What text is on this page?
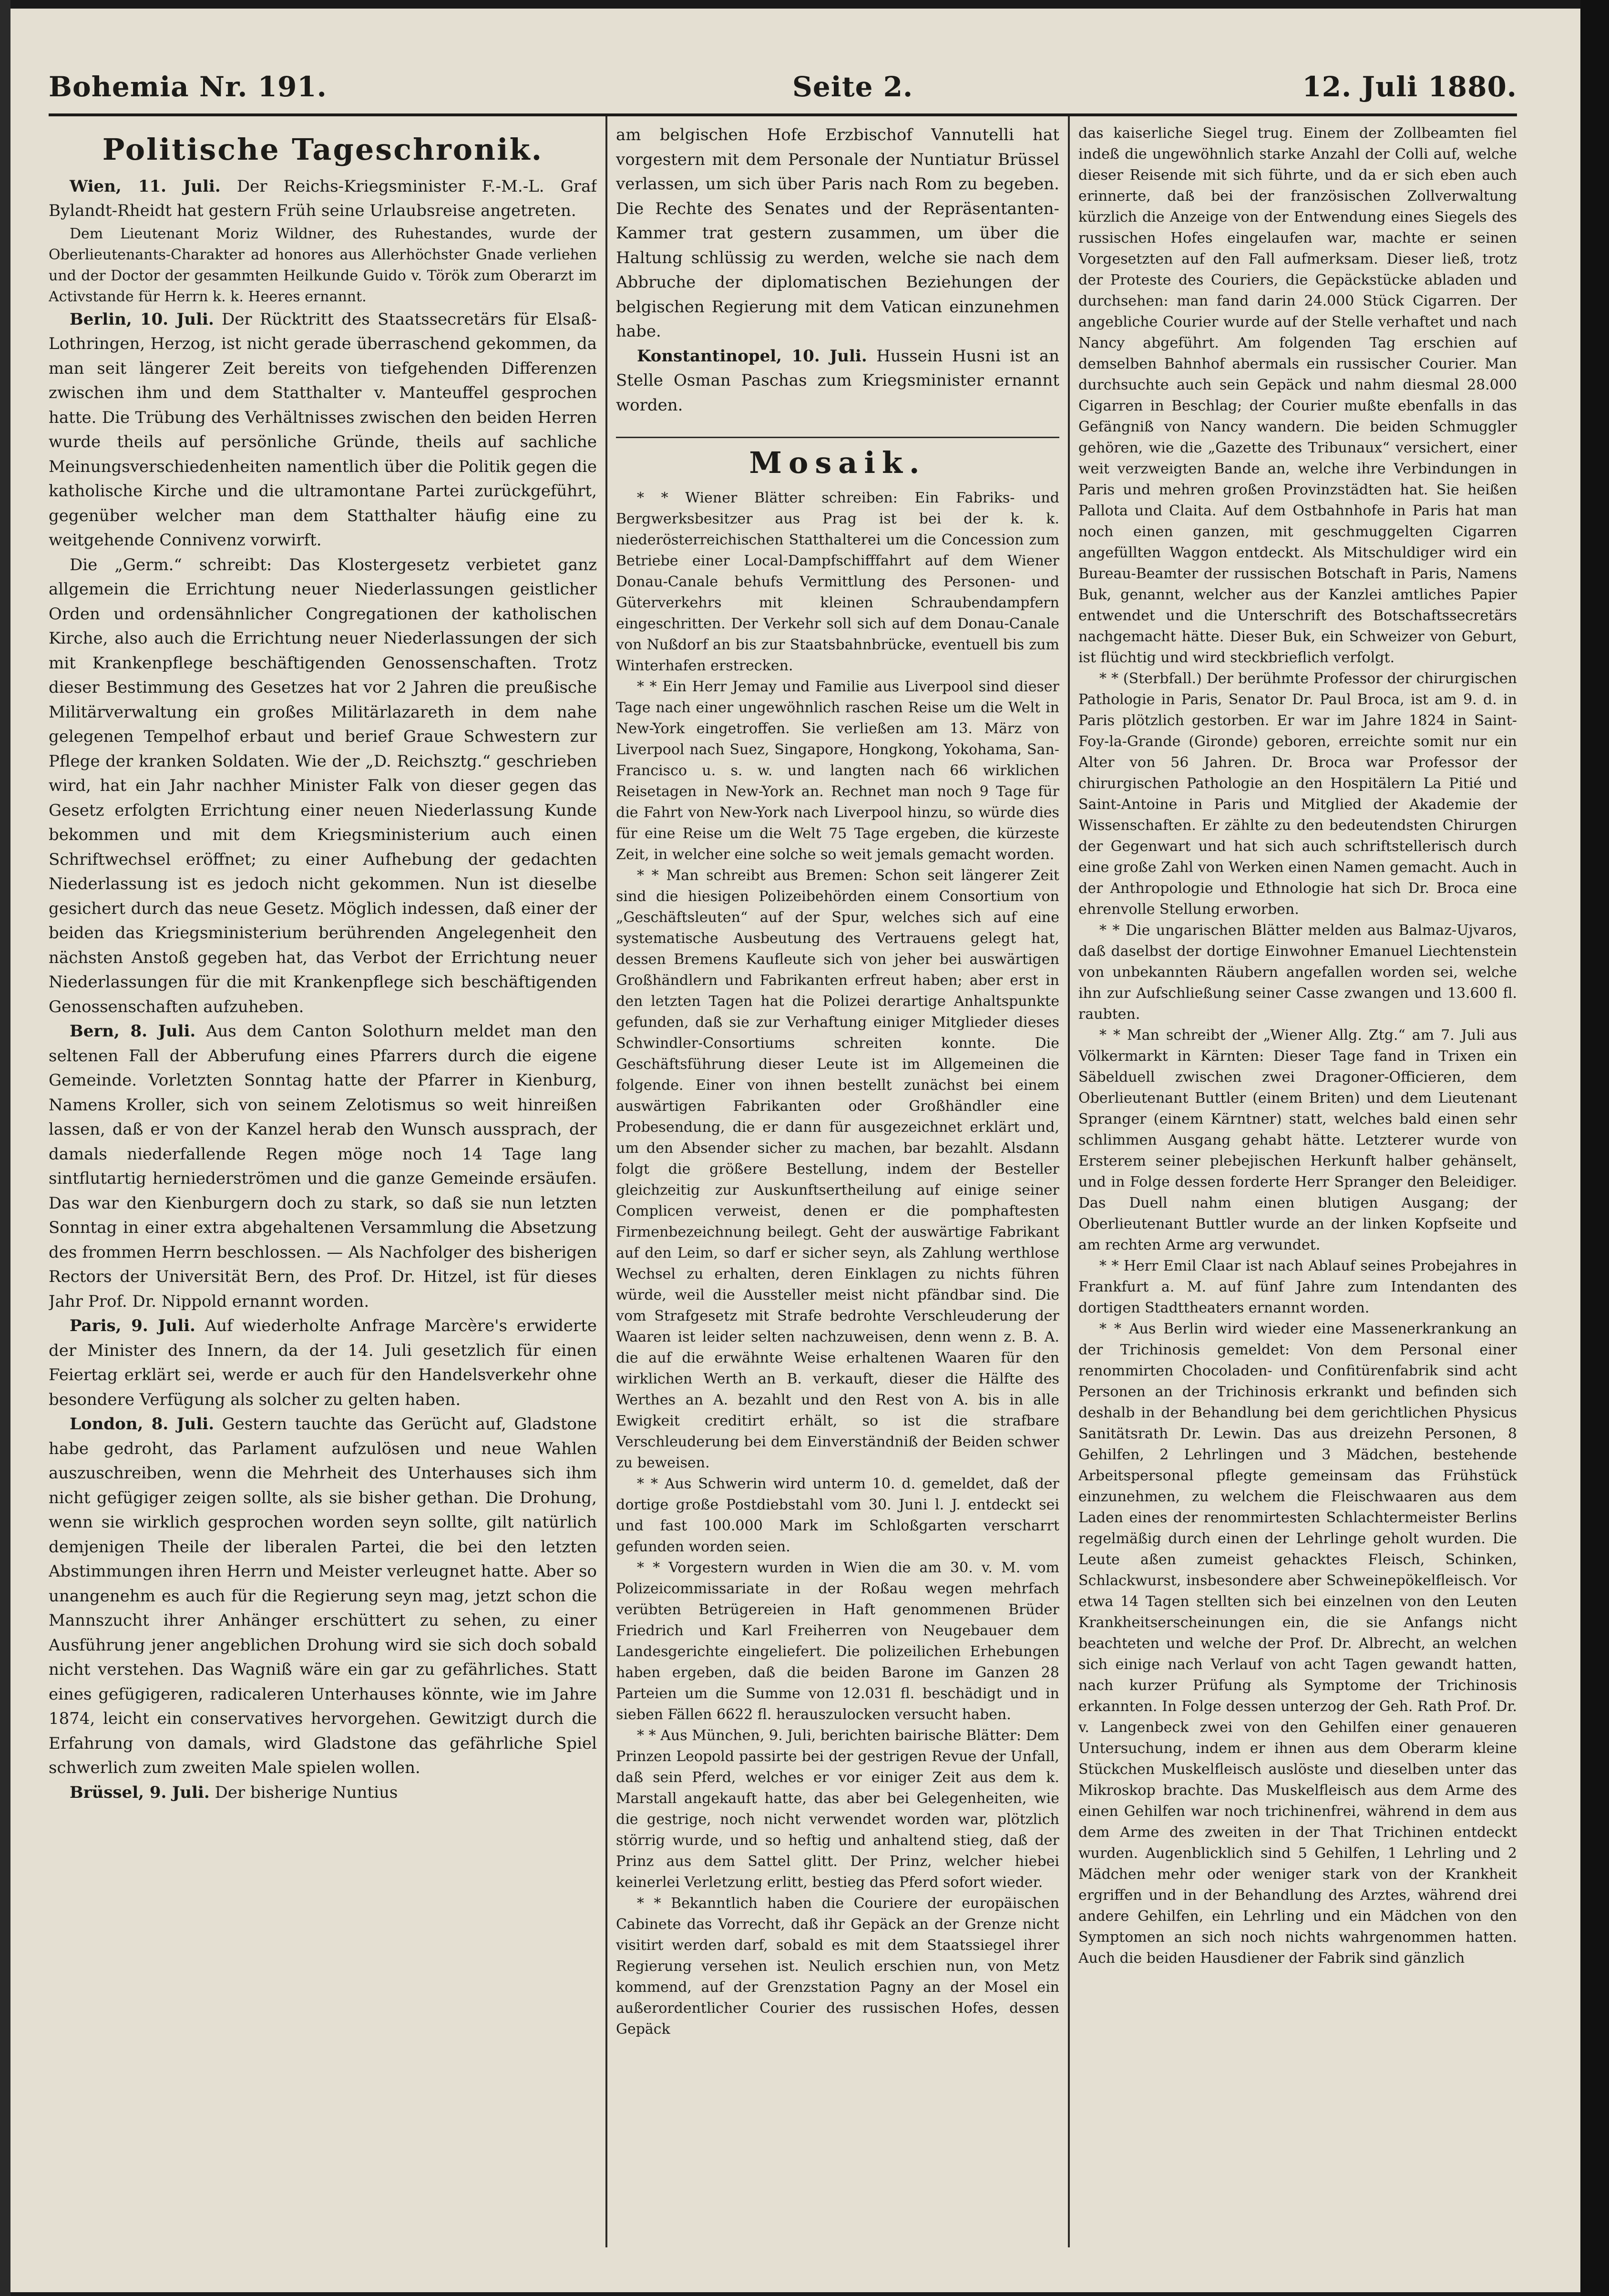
Bohemia Nr. 191.	Seite 2.	12. Juli 1880.
Politische Tageschronik.

Wien, 11. Juli. Der Reichs-Kriegsminister F.-M.-L. Graf Bylandt-Rheidt hat gestern Früh seine Urlaubsreise angetreten.

Dem Lieutenant Moriz Wildner, des Ruhestandes, wurde der Oberlieutenants-Charakter ad honores aus Allerhöchster Gnade verliehen und der Doctor der gesammten Heilkunde Guido v. Török zum Oberarzt im Activstande für Herrn k. k. Heeres ernannt.

Berlin, 10. Juli. Der Rücktritt des Staatssecretärs für Elsaß-Lothringen, Herzog, ist nicht gerade überraschend gekommen, da man seit längerer Zeit bereits von tiefgehenden Differenzen zwischen ihm und dem Statthalter v. Manteuffel gesprochen hatte. Die Trübung des Verhältnisses zwischen den beiden Herren wurde theils auf persönliche Gründe, theils auf sachliche Meinungsverschiedenheiten namentlich über die Politik gegen die katholische Kirche und die ultramontane Partei zurückgeführt, gegenüber welcher man dem Statthalter häufig eine zu weitgehende Connivenz vorwirft.

Die „Germ.“ schreibt: Das Klostergesetz verbietet ganz allgemein die Errichtung neuer Niederlassungen geistlicher Orden und ordensähnlicher Congregationen der katholischen Kirche, also auch die Errichtung neuer Niederlassungen der sich mit Krankenpflege beschäftigenden Genossenschaften. Trotz dieser Bestimmung des Gesetzes hat vor 2 Jahren die preußische Militärverwaltung ein großes Militärlazareth in dem nahe gelegenen Tempelhof erbaut und berief Graue Schwestern zur Pflege der kranken Soldaten. Wie der „D. Reichsztg.“ geschrieben wird, hat ein Jahr nachher Minister Falk von dieser gegen das Gesetz erfolgten Errichtung einer neuen Niederlassung Kunde bekommen und mit dem Kriegsministerium auch einen Schriftwechsel eröffnet; zu einer Aufhebung der gedachten Niederlassung ist es jedoch nicht gekommen. Nun ist dieselbe gesichert durch das neue Gesetz. Möglich indessen, daß einer der beiden das Kriegsministerium berührenden Angelegenheit den nächsten Anstoß gegeben hat, das Verbot der Errichtung neuer Niederlassungen für die mit Krankenpflege sich beschäftigenden Genossenschaften aufzuheben.

Bern, 8. Juli. Aus dem Canton Solothurn meldet man den seltenen Fall der Abberufung eines Pfarrers durch die eigene Gemeinde. Vorletzten Sonntag hatte der Pfarrer in Kienburg, Namens Kroller, sich von seinem Zelotismus so weit hinreißen lassen, daß er von der Kanzel herab den Wunsch aussprach, der damals niederfallende Regen möge noch 14 Tage lang sintflutartig herniederströmen und die ganze Gemeinde ersäufen. Das war den Kienburgern doch zu stark, so daß sie nun letzten Sonntag in einer extra abgehaltenen Versammlung die Absetzung des frommen Herrn beschlossen. — Als Nachfolger des bisherigen Rectors der Universität Bern, des Prof. Dr. Hitzel, ist für dieses Jahr Prof. Dr. Nippold ernannt worden.

Paris, 9. Juli. Auf wiederholte Anfrage Marcère's erwiderte der Minister des Innern, da der 14. Juli gesetzlich für einen Feiertag erklärt sei, werde er auch für den Handelsverkehr ohne besondere Verfügung als solcher zu gelten haben.

London, 8. Juli. Gestern tauchte das Gerücht auf, Gladstone habe gedroht, das Parlament aufzulösen und neue Wahlen auszuschreiben, wenn die Mehrheit des Unterhauses sich ihm nicht gefügiger zeigen sollte, als sie bisher gethan. Die Drohung, wenn sie wirklich gesprochen worden seyn sollte, gilt natürlich demjenigen Theile der liberalen Partei, die bei den letzten Abstimmungen ihren Herrn und Meister verleugnet hatte. Aber so unangenehm es auch für die Regierung seyn mag, jetzt schon die Mannszucht ihrer Anhänger erschüttert zu sehen, zu einer Ausführung jener angeblichen Drohung wird sie sich doch sobald nicht verstehen. Das Wagniß wäre ein gar zu gefährliches. Statt eines gefügigeren, radicaleren Unterhauses könnte, wie im Jahre 1874, leicht ein conservatives hervorgehen. Gewitzigt durch die Erfahrung von damals, wird Gladstone das gefährliche Spiel schwerlich zum zweiten Male spielen wollen.

Brüssel, 9. Juli. Der bisherige Nuntius

am belgischen Hofe Erzbischof Vannutelli hat vorgestern mit dem Personale der Nuntiatur Brüssel verlassen, um sich über Paris nach Rom zu begeben. Die Rechte des Senates und der Repräsentanten-Kammer trat gestern zusammen, um über die Haltung schlüssig zu werden, welche sie nach dem Abbruche der diplomatischen Beziehungen der belgischen Regierung mit dem Vatican einzunehmen habe.

Konstantinopel, 10. Juli. Hussein Husni ist an Stelle Osman Paschas zum Kriegsminister ernannt worden.

Mosaik.

* * Wiener Blätter schreiben: Ein Fabriks- und Bergwerksbesitzer aus Prag ist bei der k. k. niederösterreichischen Statthalterei um die Concession zum Betriebe einer Local-Dampfschifffahrt auf dem Wiener Donau-Canale behufs Vermittlung des Personen- und Güterverkehrs mit kleinen Schraubendampfern eingeschritten. Der Verkehr soll sich auf dem Donau-Canale von Nußdorf an bis zur Staatsbahnbrücke, eventuell bis zum Winterhafen erstrecken.

* * Ein Herr Jemay und Familie aus Liverpool sind dieser Tage nach einer ungewöhnlich raschen Reise um die Welt in New-York eingetroffen. Sie verließen am 13. März von Liverpool nach Suez, Singapore, Hongkong, Yokohama, San-Francisco u. s. w. und langten nach 66 wirklichen Reisetagen in New-York an. Rechnet man noch 9 Tage für die Fahrt von New-York nach Liverpool hinzu, so würde dies für eine Reise um die Welt 75 Tage ergeben, die kürzeste Zeit, in welcher eine solche so weit jemals gemacht worden.

* * Man schreibt aus Bremen: Schon seit längerer Zeit sind die hiesigen Polizeibehörden einem Consortium von „Geschäftsleuten“ auf der Spur, welches sich auf eine systematische Ausbeutung des Vertrauens gelegt hat, dessen Bremens Kaufleute sich von jeher bei auswärtigen Großhändlern und Fabrikanten erfreut haben; aber erst in den letzten Tagen hat die Polizei derartige Anhaltspunkte gefunden, daß sie zur Verhaftung einiger Mitglieder dieses Schwindler-Consortiums schreiten konnte. Die Geschäftsführung dieser Leute ist im Allgemeinen die folgende. Einer von ihnen bestellt zunächst bei einem auswärtigen Fabrikanten oder Großhändler eine Probesendung, die er dann für ausgezeichnet erklärt und, um den Absender sicher zu machen, bar bezahlt. Alsdann folgt die größere Bestellung, indem der Besteller gleichzeitig zur Auskunftsertheilung auf einige seiner Complicen verweist, denen er die pomphaftesten Firmenbezeichnung beilegt. Geht der auswärtige Fabrikant auf den Leim, so darf er sicher seyn, als Zahlung werthlose Wechsel zu erhalten, deren Einklagen zu nichts führen würde, weil die Aussteller meist nicht pfändbar sind. Die vom Strafgesetz mit Strafe bedrohte Verschleuderung der Waaren ist leider selten nachzuweisen, denn wenn z. B. A. die auf die erwähnte Weise erhaltenen Waaren für den wirklichen Werth an B. verkauft, dieser die Hälfte des Werthes an A. bezahlt und den Rest von A. bis in alle Ewigkeit creditirt erhält, so ist die strafbare Verschleuderung bei dem Einverständniß der Beiden schwer zu beweisen.

* * Aus Schwerin wird unterm 10. d. gemeldet, daß der dortige große Postdiebstahl vom 30. Juni l. J. entdeckt sei und fast 100.000 Mark im Schloßgarten verscharrt gefunden worden seien.

* * Vorgestern wurden in Wien die am 30. v. M. vom Polizeicommissariate in der Roßau wegen mehrfach verübten Betrügereien in Haft genommenen Brüder Friedrich und Karl Freiherren von Neugebauer dem Landesgerichte eingeliefert. Die polizeilichen Erhebungen haben ergeben, daß die beiden Barone im Ganzen 28 Parteien um die Summe von 12.031 fl. beschädigt und in sieben Fällen 6622 fl. herauszulocken versucht haben.

* * Aus München, 9. Juli, berichten bairische Blätter: Dem Prinzen Leopold passirte bei der gestrigen Revue der Unfall, daß sein Pferd, welches er vor einiger Zeit aus dem k. Marstall angekauft hatte, das aber bei Gelegenheiten, wie die gestrige, noch nicht verwendet worden war, plötzlich störrig wurde, und so heftig und anhaltend stieg, daß der Prinz aus dem Sattel glitt. Der Prinz, welcher hiebei keinerlei Verletzung erlitt, bestieg das Pferd sofort wieder.

* * Bekanntlich haben die Couriere der europäischen Cabinete das Vorrecht, daß ihr Gepäck an der Grenze nicht visitirt werden darf, sobald es mit dem Staatssiegel ihrer Regierung versehen ist. Neulich erschien nun, von Metz kommend, auf der Grenzstation Pagny an der Mosel ein außerordentlicher Courier des russischen Hofes, dessen Gepäck

das kaiserliche Siegel trug. Einem der Zollbeamten fiel indeß die ungewöhnlich starke Anzahl der Colli auf, welche dieser Reisende mit sich führte, und da er sich eben auch erinnerte, daß bei der französischen Zollverwaltung kürzlich die Anzeige von der Entwendung eines Siegels des russischen Hofes eingelaufen war, machte er seinen Vorgesetzten auf den Fall aufmerksam. Dieser ließ, trotz der Proteste des Couriers, die Gepäckstücke abladen und durchsehen: man fand darin 24.000 Stück Cigarren. Der angebliche Courier wurde auf der Stelle verhaftet und nach Nancy abgeführt. Am folgenden Tag erschien auf demselben Bahnhof abermals ein russischer Courier. Man durchsuchte auch sein Gepäck und nahm diesmal 28.000 Cigarren in Beschlag; der Courier mußte ebenfalls in das Gefängniß von Nancy wandern. Die beiden Schmuggler gehören, wie die „Gazette des Tribunaux“ versichert, einer weit verzweigten Bande an, welche ihre Verbindungen in Paris und mehren großen Provinzstädten hat. Sie heißen Pallota und Claita. Auf dem Ostbahnhofe in Paris hat man noch einen ganzen, mit geschmuggelten Cigarren angefüllten Waggon entdeckt. Als Mitschuldiger wird ein Bureau-Beamter der russischen Botschaft in Paris, Namens Buk, genannt, welcher aus der Kanzlei amtliches Papier entwendet und die Unterschrift des Botschaftssecretärs nachgemacht hätte. Dieser Buk, ein Schweizer von Geburt, ist flüchtig und wird steckbrieflich verfolgt.

* * (Sterbfall.) Der berühmte Professor der chirurgischen Pathologie in Paris, Senator Dr. Paul Broca, ist am 9. d. in Paris plötzlich gestorben. Er war im Jahre 1824 in Saint-Foy-la-Grande (Gironde) geboren, erreichte somit nur ein Alter von 56 Jahren. Dr. Broca war Professor der chirurgischen Pathologie an den Hospitälern La Pitié und Saint-Antoine in Paris und Mitglied der Akademie der Wissenschaften. Er zählte zu den bedeutendsten Chirurgen der Gegenwart und hat sich auch schriftstellerisch durch eine große Zahl von Werken einen Namen gemacht. Auch in der Anthropologie und Ethnologie hat sich Dr. Broca eine ehrenvolle Stellung erworben.

* * Die ungarischen Blätter melden aus Balmaz-Ujvaros, daß daselbst der dortige Einwohner Emanuel Liechtenstein von unbekannten Räubern angefallen worden sei, welche ihn zur Aufschließung seiner Casse zwangen und 13.600 fl. raubten.

* * Man schreibt der „Wiener Allg. Ztg.“ am 7. Juli aus Völkermarkt in Kärnten: Dieser Tage fand in Trixen ein Säbelduell zwischen zwei Dragoner-Officieren, dem Oberlieutenant Buttler (einem Briten) und dem Lieutenant Spranger (einem Kärntner) statt, welches bald einen sehr schlimmen Ausgang gehabt hätte. Letzterer wurde von Ersterem seiner plebejischen Herkunft halber gehänselt, und in Folge dessen forderte Herr Spranger den Beleidiger. Das Duell nahm einen blutigen Ausgang; der Oberlieutenant Buttler wurde an der linken Kopfseite und am rechten Arme arg verwundet.

* * Herr Emil Claar ist nach Ablauf seines Probejahres in Frankfurt a. M. auf fünf Jahre zum Intendanten des dortigen Stadttheaters ernannt worden.

* * Aus Berlin wird wieder eine Massenerkrankung an der Trichinosis gemeldet: Von dem Personal einer renommirten Chocoladen- und Confitürenfabrik sind acht Personen an der Trichinosis erkrankt und befinden sich deshalb in der Behandlung bei dem gerichtlichen Physicus Sanitätsrath Dr. Lewin. Das aus dreizehn Personen, 8 Gehilfen, 2 Lehrlingen und 3 Mädchen, bestehende Arbeitspersonal pflegte gemeinsam das Frühstück einzunehmen, zu welchem die Fleischwaaren aus dem Laden eines der renommirtesten Schlachtermeister Berlins regelmäßig durch einen der Lehrlinge geholt wurden. Die Leute aßen zumeist gehacktes Fleisch, Schinken, Schlackwurst, insbesondere aber Schweinepökelfleisch. Vor etwa 14 Tagen stellten sich bei einzelnen von den Leuten Krankheitserscheinungen ein, die sie Anfangs nicht beachteten und welche der Prof. Dr. Albrecht, an welchen sich einige nach Verlauf von acht Tagen gewandt hatten, nach kurzer Prüfung als Symptome der Trichinosis erkannten. In Folge dessen unterzog der Geh. Rath Prof. Dr. v. Langenbeck zwei von den Gehilfen einer genaueren Untersuchung, indem er ihnen aus dem Oberarm kleine Stückchen Muskelfleisch auslöste und dieselben unter das Mikroskop brachte. Das Muskelfleisch aus dem Arme des einen Gehilfen war noch trichinenfrei, während in dem aus dem Arme des zweiten in der That Trichinen entdeckt wurden. Augenblicklich sind 5 Gehilfen, 1 Lehrling und 2 Mädchen mehr oder weniger stark von der Krankheit ergriffen und in der Behandlung des Arztes, während drei andere Gehilfen, ein Lehrling und ein Mädchen von den Symptomen an sich noch nichts wahrgenommen hatten. Auch die beiden Hausdiener der Fabrik sind gänzlich
